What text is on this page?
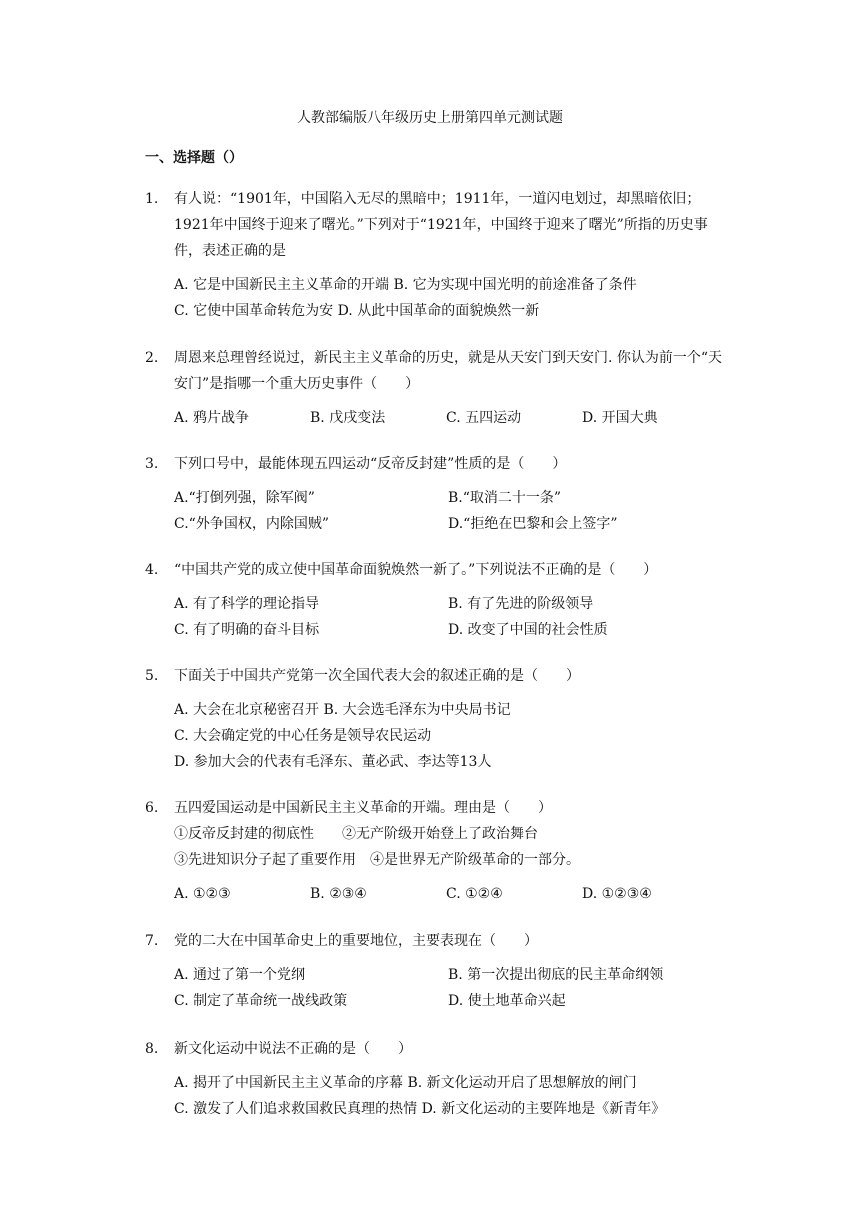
人教部编版八年级历史上册第四单元测试题
一、选择题（）
1.	有人说：“1901年，中国陷入无尽的黑暗中；1911年，一道闪电划过，却黑暗依旧；1921年中国终于迎来了曙光。”下列对于“1921年，中国终于迎来了曙光”所指的历史事件，表述正确的是
A. 它是中国新民主主义革命的开端 B. 它为实现中国光明的前途准备了条件
C. 它使中国革命转危为安 D. 从此中国革命的面貌焕然一新
2.	周恩来总理曾经说过，新民主主义革命的历史，就是从天安门到天安门. 你认为前一个“天安门”是指哪一个重大历史事件（　　）
A. 鸦片战争	B. 戊戌变法	C. 五四运动	D. 开国大典
3.	下列口号中，最能体现五四运动“反帝反封建”性质的是（　　）
A.“打倒列强，除军阀”	B.“取消二十一条”
C.“外争国权，内除国贼”	D.“拒绝在巴黎和会上签字”
4.	“中国共产党的成立使中国革命面貌焕然一新了。”下列说法不正确的是（　　）
A. 有了科学的理论指导	B. 有了先进的阶级领导
C. 有了明确的奋斗目标	D. 改变了中国的社会性质
5.	下面关于中国共产党第一次全国代表大会的叙述正确的是（　　）
A. 大会在北京秘密召开 B. 大会选毛泽东为中央局书记
C. 大会确定党的中心任务是领导农民运动
D. 参加大会的代表有毛泽东、董必武、李达等13人
6.	五四爱国运动是中国新民主主义革命的开端。理由是（　　）
①反帝反封建的彻底性　　②无产阶级开始登上了政治舞台
③先进知识分子起了重要作用　④是世界无产阶级革命的一部分。
A. ①②③	B. ②③④	C. ①②④	D. ①②③④
7.	党的二大在中国革命史上的重要地位，主要表现在（　　）
A. 通过了第一个党纲	B. 第一次提出彻底的民主革命纲领
C. 制定了革命统一战线政策	D. 使土地革命兴起
8.	新文化运动中说法不正确的是（　　）
A. 揭开了中国新民主主义革命的序幕 B. 新文化运动开启了思想解放的闸门
C. 激发了人们追求救国救民真理的热情 D. 新文化运动的主要阵地是《新青年》
